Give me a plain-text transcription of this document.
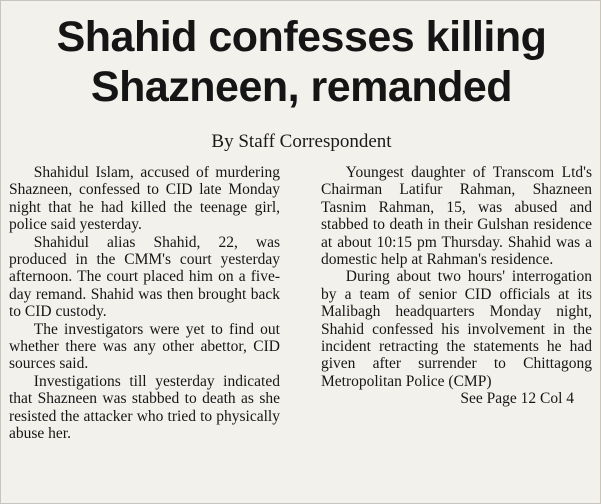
Shahid confesses killing
Shazneen, remanded
By Staff Correspondent

Shahidul Islam, accused of murdering Shazneen, confessed to CID late Monday night that he had killed the teenage girl, police said yesterday.

Shahidul alias Shahid, 22, was produced in the CMM's court yesterday afternoon. The court placed him on a five-day remand. Shahid was then brought back to CID custody.

The investigators were yet to find out whether there was any other abettor, CID sources said.

Investigations till yesterday indicated that Shazneen was stabbed to death as she resisted the attacker who tried to physically abuse her.

Youngest daughter of Transcom Ltd's Chairman Latifur Rahman, Shazneen Tasnim Rahman, 15, was abused and stabbed to death in their Gulshan residence at about 10:15 pm Thursday. Shahid was a domestic help at Rahman's residence.

During about two hours' interrogation by a team of senior CID officials at its Malibagh headquarters Monday night, Shahid confessed his involvement in the incident retracting the statements he had given after surrender to Chittagong Metropolitan Police (CMP)

See Page 12 Col 4
